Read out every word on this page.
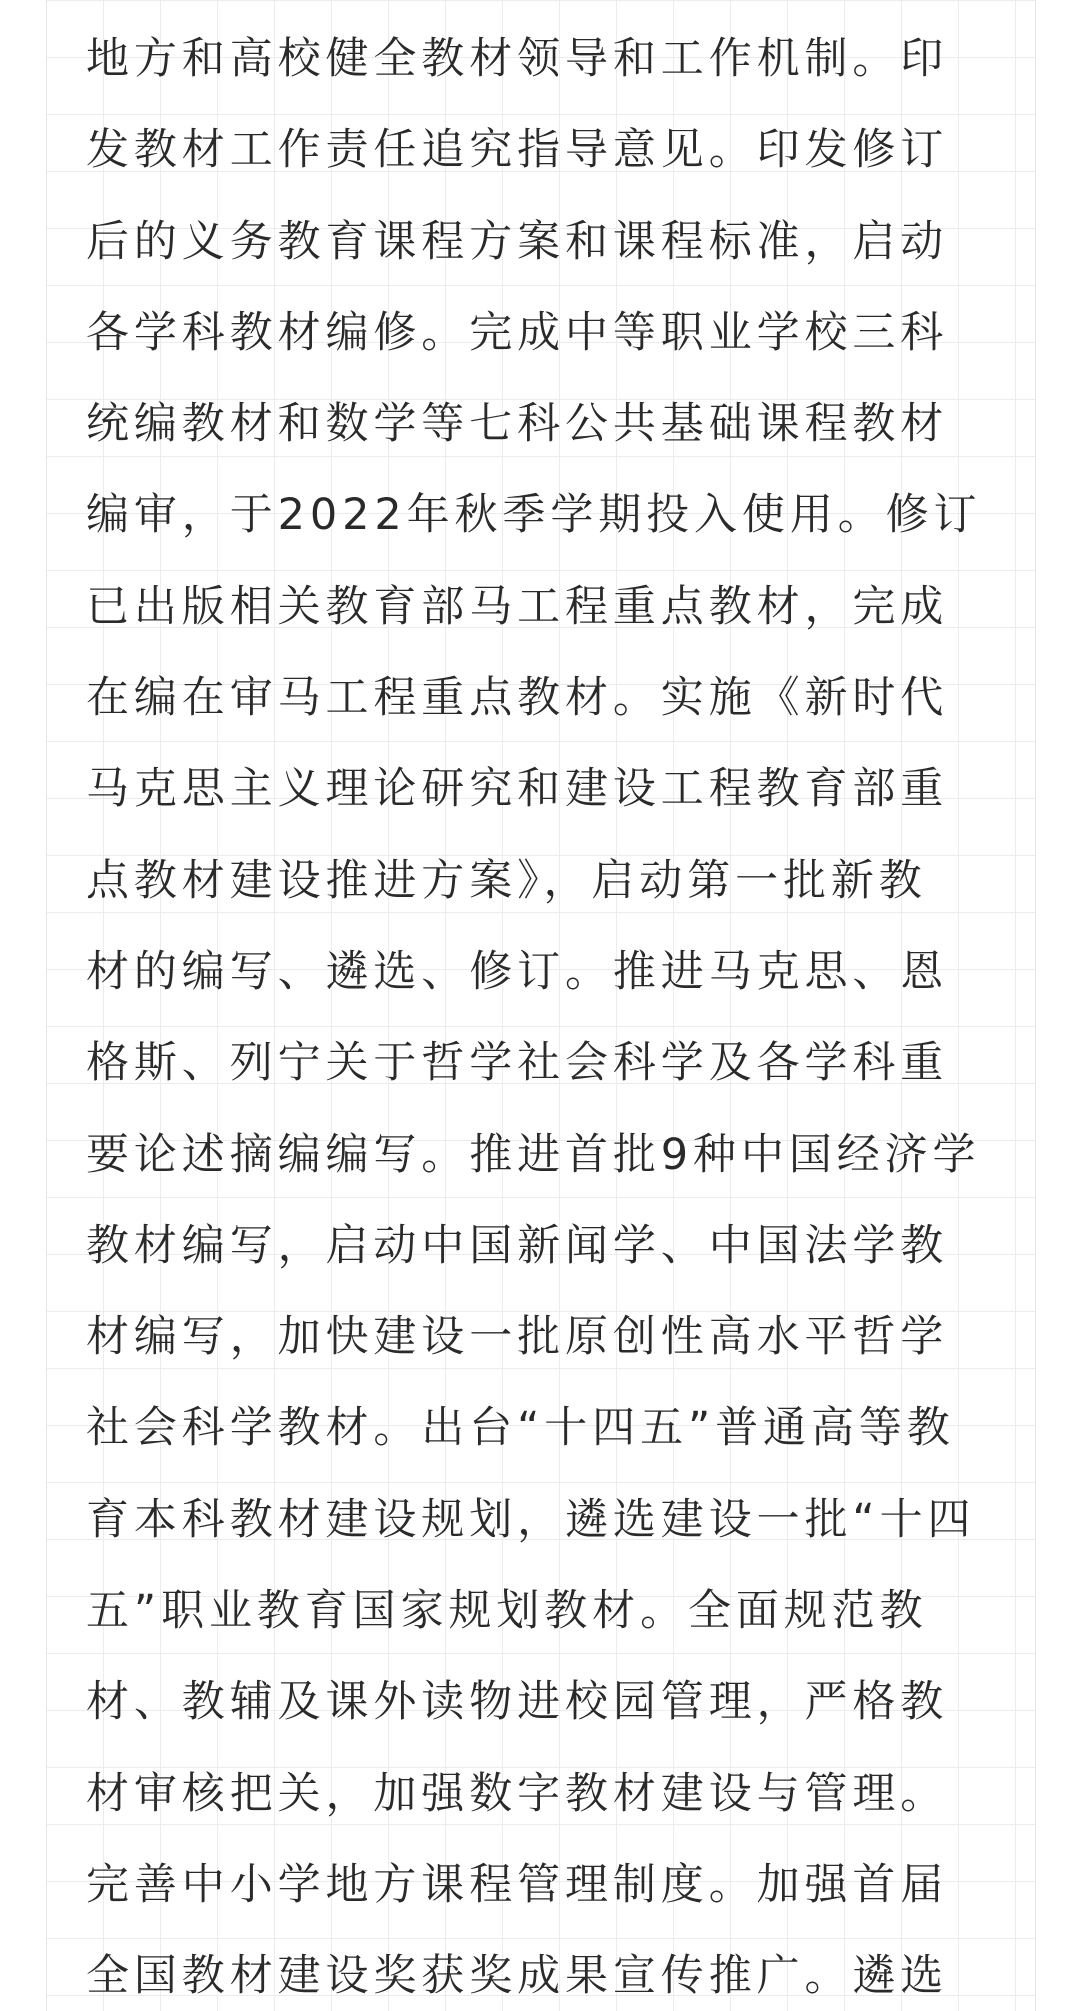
地方和高校健全教材领导和工作机制。印
发教材工作责任追究指导意见。印发修订
后的义务教育课程方案和课程标准，启动
各学科教材编修。完成中等职业学校三科
统编教材和数学等七科公共基础课程教材
编审，于2022年秋季学期投入使用。修订
已出版相关教育部马工程重点教材，完成
在编在审马工程重点教材。实施《新时代
马克思主义理论研究和建设工程教育部重
点教材建设推进方案》，启动第一批新教
材的编写、遴选、修订。推进马克思、恩
格斯、列宁关于哲学社会科学及各学科重
要论述摘编编写。推进首批9种中国经济学
教材编写，启动中国新闻学、中国法学教
材编写，加快建设一批原创性高水平哲学
社会科学教材。出台“十四五”普通高等教
育本科教材建设规划，遴选建设一批“十四
五”职业教育国家规划教材。全面规范教
材、教辅及课外读物进校园管理，严格教
材审核把关，加强数字教材建设与管理。
完善中小学地方课程管理制度。加强首届
全国教材建设奖获奖成果宣传推广。遴选
